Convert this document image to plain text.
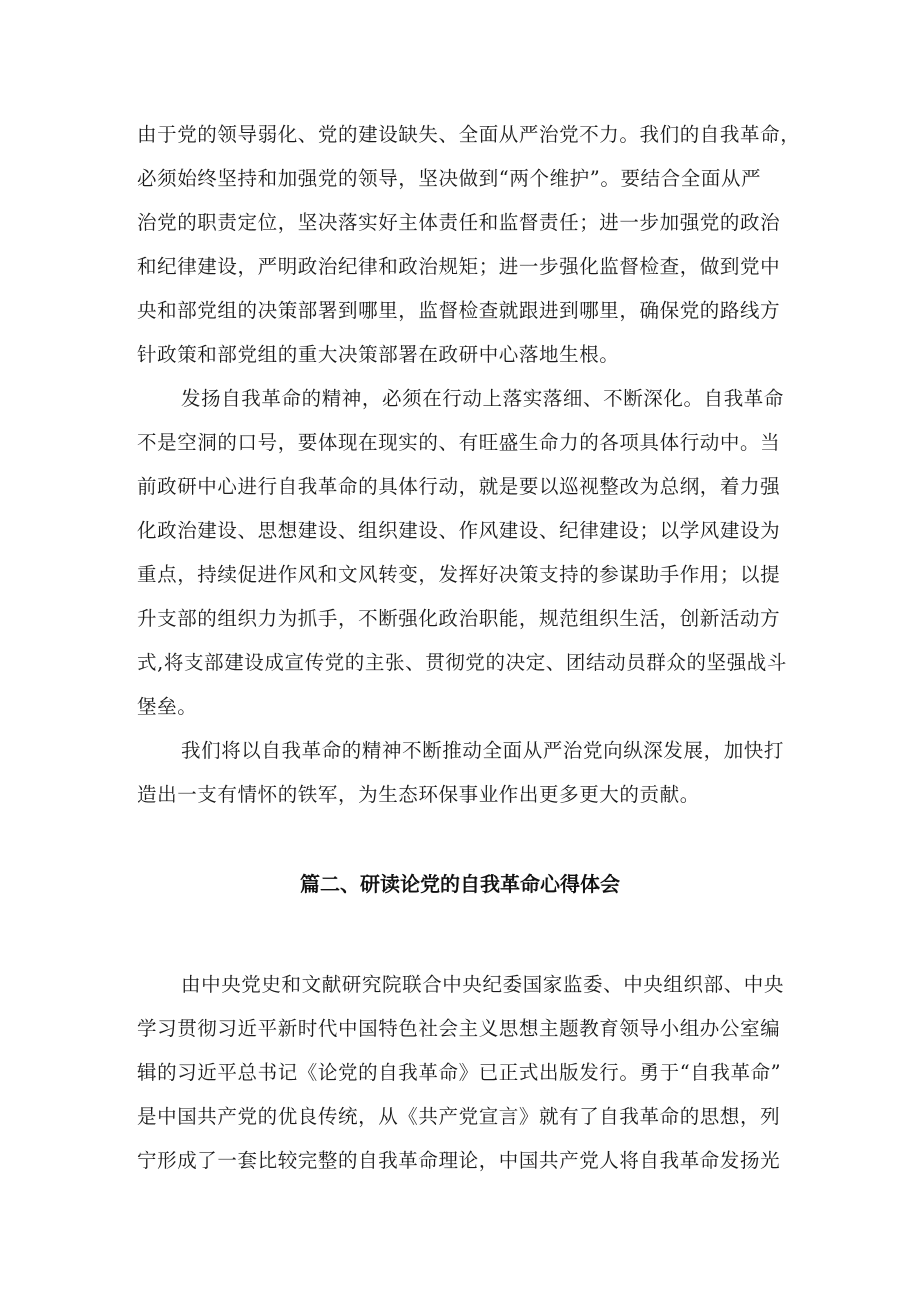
由于党的领导弱化、党的建设缺失、全面从严治党不力。我们的自我革命，

必须始终坚持和加强党的领导，坚决做到“两个维护”。要结合全面从严

治党的职责定位，坚决落实好主体责任和监督责任；进一步加强党的政治

和纪律建设，严明政治纪律和政治规矩；进一步强化监督检查，做到党中

央和部党组的决策部署到哪里，监督检查就跟进到哪里，确保党的路线方

针政策和部党组的重大决策部署在政研中心落地生根。

发扬自我革命的精神，必须在行动上落实落细、不断深化。自我革命

不是空洞的口号，要体现在现实的、有旺盛生命力的各项具体行动中。当

前政研中心进行自我革命的具体行动，就是要以巡视整改为总纲，着力强

化政治建设、思想建设、组织建设、作风建设、纪律建设；以学风建设为

重点，持续促进作风和文风转变，发挥好决策支持的参谋助手作用；以提

升支部的组织力为抓手，不断强化政治职能，规范组织生活，创新活动方

式,将支部建设成宣传党的主张、贯彻党的决定、团结动员群众的坚强战斗

堡垒。

我们将以自我革命的精神不断推动全面从严治党向纵深发展，加快打

造出一支有情怀的铁军，为生态环保事业作出更多更大的贡献。

篇二、研读论党的自我革命心得体会

由中央党史和文献研究院联合中央纪委国家监委、中央组织部、中央

学习贯彻习近平新时代中国特色社会主义思想主题教育领导小组办公室编

辑的习近平总书记《论党的自我革命》已正式出版发行。勇于“自我革命”

是中国共产党的优良传统，从《共产党宣言》就有了自我革命的思想，列

宁形成了一套比较完整的自我革命理论，中国共产党人将自我革命发扬光
